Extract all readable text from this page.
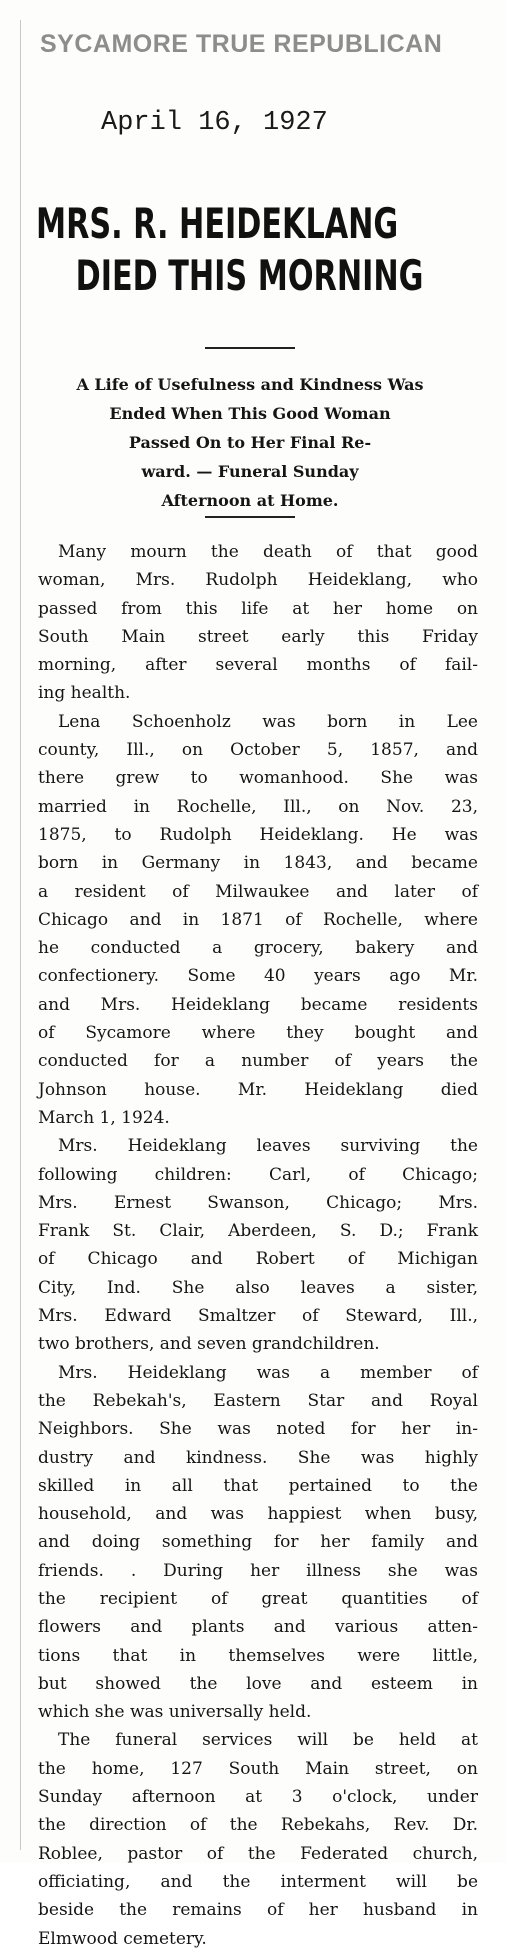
SYCAMORE TRUE REPUBLICAN
April 16, 1927
MRS. R. HEIDEKLANG
DIED THIS MORNING
A Life of Usefulness and Kindness Was
Ended When This Good Woman
Passed On to Her Final Re-
ward. — Funeral Sunday
Afternoon at Home.
Many mourn the death of that good
woman, Mrs. Rudolph Heideklang, who
passed from this life at her home on
South Main street early this Friday
morning, after several months of fail-
ing health.
Lena Schoenholz was born in Lee
county, Ill., on October 5, 1857, and
there grew to womanhood. She was
married in Rochelle, Ill., on Nov. 23,
1875, to Rudolph Heideklang. He was
born in Germany in 1843, and became
a resident of Milwaukee and later of
Chicago and in 1871 of Rochelle, where
he conducted a grocery, bakery and
confectionery. Some 40 years ago Mr.
and Mrs. Heideklang became residents
of Sycamore where they bought and
conducted for a number of years the
Johnson house. Mr. Heideklang died
March 1, 1924.
Mrs. Heideklang leaves surviving the
following children: Carl, of Chicago;
Mrs. Ernest Swanson, Chicago; Mrs.
Frank St. Clair, Aberdeen, S. D.; Frank
of Chicago and Robert of Michigan
City, Ind. She also leaves a sister,
Mrs. Edward Smaltzer of Steward, Ill.,
two brothers, and seven grandchildren.
Mrs. Heideklang was a member of
the Rebekah's, Eastern Star and Royal
Neighbors. She was noted for her in-
dustry and kindness. She was highly
skilled in all that pertained to the
household, and was happiest when busy,
and doing something for her family and
friends. . During her illness she was
the recipient of great quantities of
flowers and plants and various atten-
tions that in themselves were little,
but showed the love and esteem in
which she was universally held.
The funeral services will be held at
the home, 127 South Main street, on
Sunday afternoon at 3 o'clock, under
the direction of the Rebekahs, Rev. Dr.
Roblee, pastor of the Federated church,
officiating, and the interment will be
beside the remains of her husband in
Elmwood cemetery.
